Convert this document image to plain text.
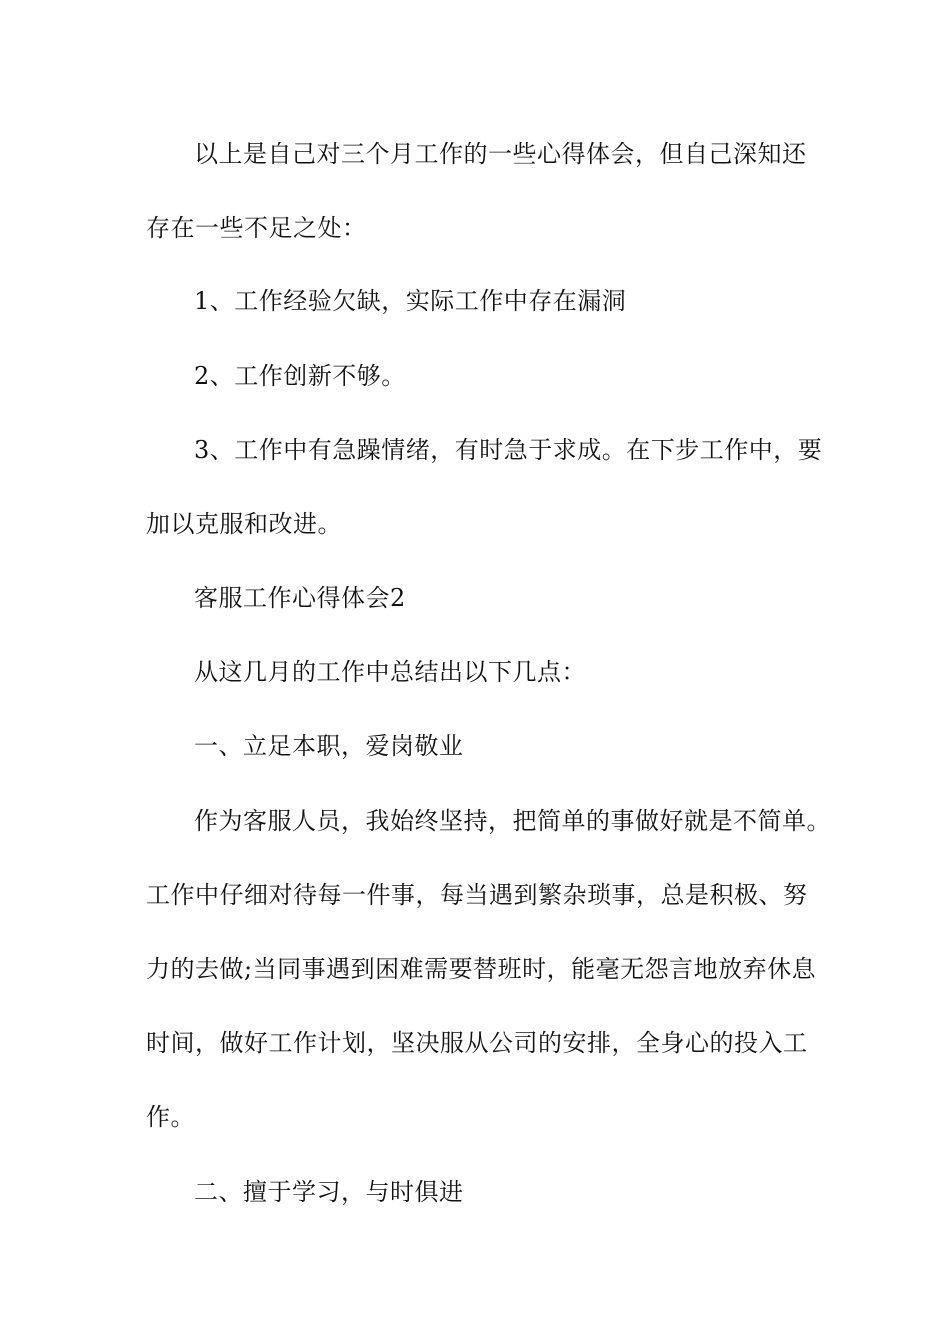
以上是自己对三个月工作的一些心得体会，但自己深知还
存在一些不足之处：
1、工作经验欠缺，实际工作中存在漏洞
2、工作创新不够。
3、工作中有急躁情绪，有时急于求成。在下步工作中，要
加以克服和改进。
客服工作心得体会2
从这几月的工作中总结出以下几点：
一、立足本职，爱岗敬业
作为客服人员，我始终坚持，把简单的事做好就是不简单。
工作中仔细对待每一件事，每当遇到繁杂琐事，总是积极、努
力的去做;当同事遇到困难需要替班时，能毫无怨言地放弃休息
时间，做好工作计划，坚决服从公司的安排，全身心的投入工
作。
二、擅于学习，与时俱进
